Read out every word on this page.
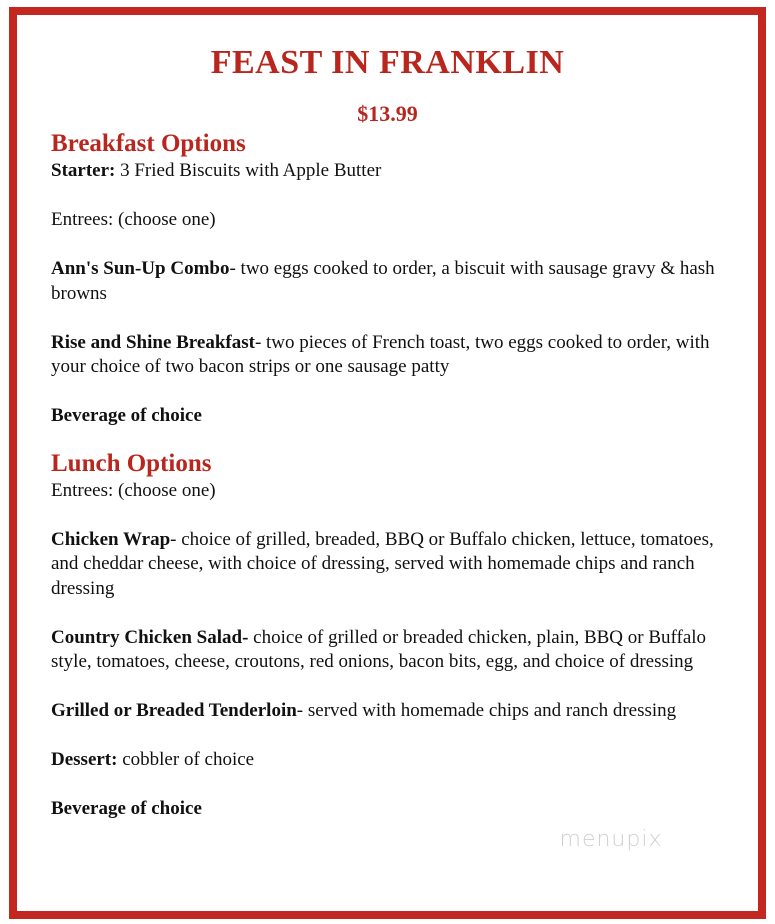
FEAST IN FRANKLIN
$13.99
Breakfast Options

Starter: 3 Fried Biscuits with Apple Butter

Entrees: (choose one)

Ann's Sun-Up Combo- two eggs cooked to order, a biscuit with sausage gravy & hash browns

Rise and Shine Breakfast- two pieces of French toast, two eggs cooked to order, with your choice of two bacon strips or one sausage patty

Beverage of choice

Lunch Options

Entrees: (choose one)

Chicken Wrap- choice of grilled, breaded, BBQ or Buffalo chicken, lettuce, tomatoes, and cheddar cheese, with choice of dressing, served with homemade chips and ranch dressing

Country Chicken Salad- choice of grilled or breaded chicken, plain, BBQ or Buffalo style, tomatoes, cheese, croutons, red onions, bacon bits, egg, and choice of dressing

Grilled or Breaded Tenderloin- served with homemade chips and ranch dressing

Dessert: cobbler of choice

Beverage of choice

menupix
